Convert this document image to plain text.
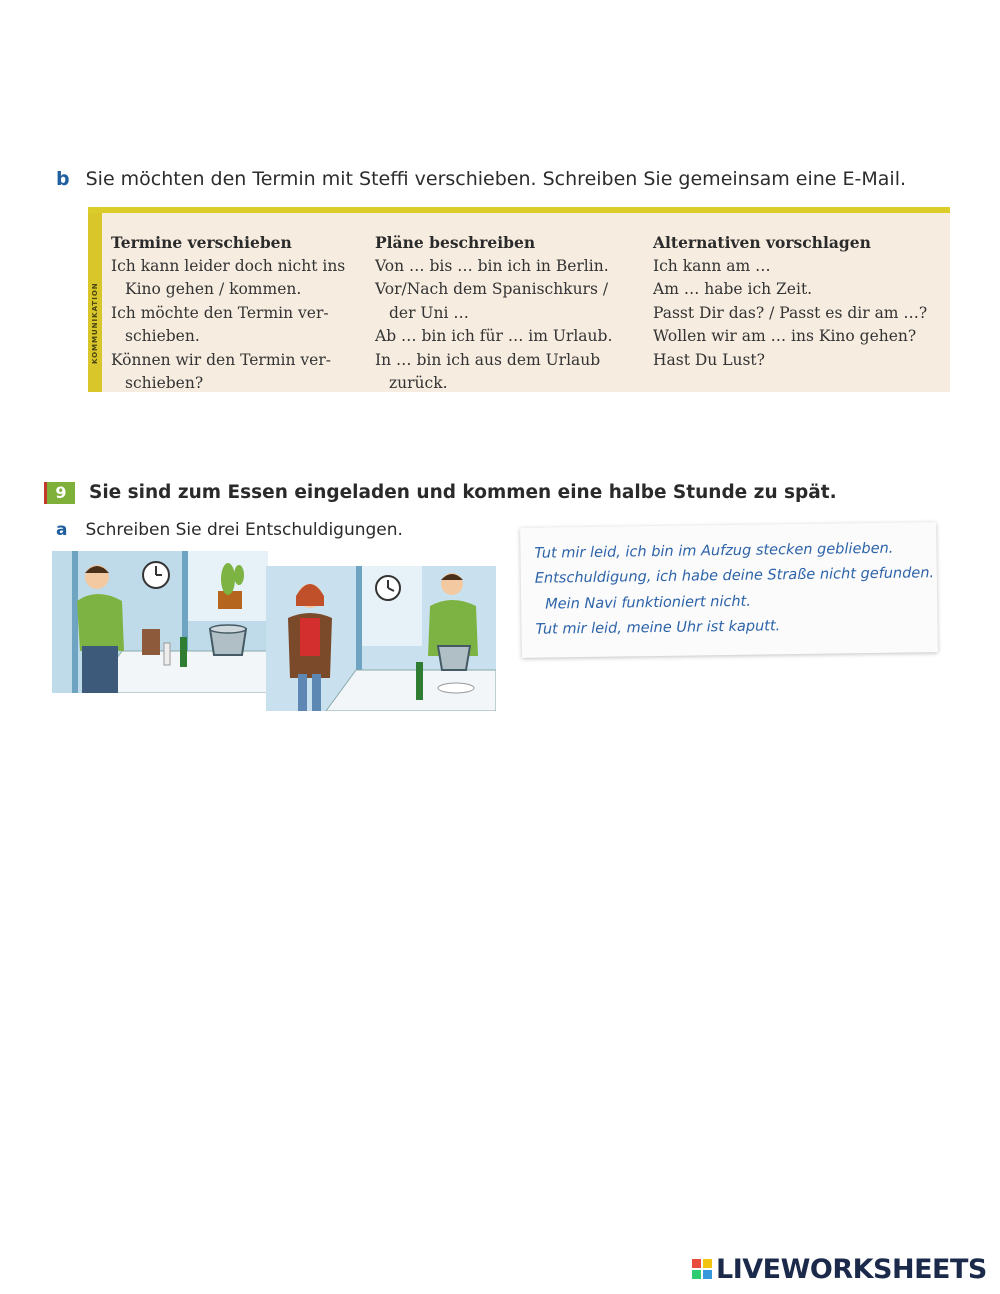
b Sie möchten den Termin mit Steffi verschieben. Schreiben Sie gemeinsam eine E-Mail.
KOMMUNIKATION
Termine verschieben
Ich kann leider doch nicht ins
Kino gehen / kommen.
Ich möchte den Termin ver-
schieben.
Können wir den Termin ver-
schieben?
Pläne beschreiben
Von … bis … bin ich in Berlin.
Vor/Nach dem Spanischkurs /
der Uni …
Ab … bin ich für … im Urlaub.
In … bin ich aus dem Urlaub
zurück.
Alternativen vorschlagen
Ich kann am …
Am … habe ich Zeit.
Passt Dir das? / Passt es dir am …?
Wollen wir am … ins Kino gehen?
Hast Du Lust?
9 Sie sind zum Essen eingeladen und kommen eine halbe Stunde zu spät.
a Schreiben Sie drei Entschuldigungen.
Tut mir leid, ich bin im Aufzug stecken geblieben.
Entschuldigung, ich habe deine Straße nicht gefunden.
Mein Navi funktioniert nicht.
Tut mir leid, meine Uhr ist kaputt.
LIVEWORKSHEETS
